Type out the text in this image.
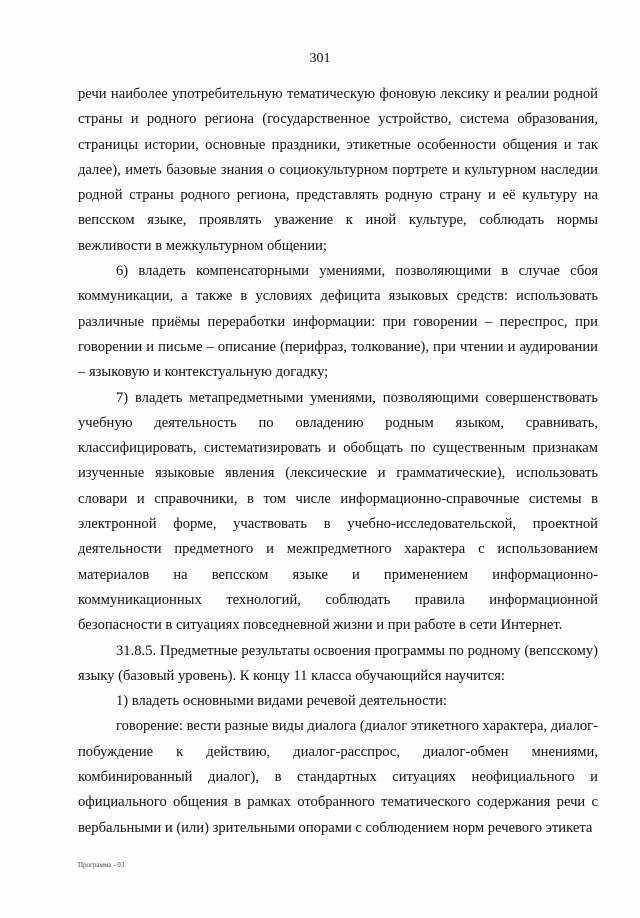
301

речи наиболее употребительную тематическую фоновую лексику и реалии родной страны и родного региона (государственное устройство, система образования, страницы истории, основные праздники, этикетные особенности общения и так далее), иметь базовые знания о социокультурном портрете и культурном наследии родной страны родного региона, представлять родную страну и её культуру на вепсском языке, проявлять уважение к иной культуре, соблюдать нормы вежливости в межкультурном общении;

6) владеть компенсаторными умениями, позволяющими в случае сбоя коммуникации, а также в условиях дефицита языковых средств: использовать различные приёмы переработки информации: при говорении – переспрос, при говорении и письме – описание (перифраз, толкование), при чтении и аудировании – языковую и контекстуальную догадку;

7) владеть метапредметными умениями, позволяющими совершенствовать учебную деятельность по овладению родным языком, сравнивать, классифицировать, систематизировать и обобщать по существенным признакам изученные языковые явления (лексические и грамматические), использовать словари и справочники, в том числе информационно-справочные системы в электронной форме, участвовать в учебно-исследовательской, проектной деятельности предметного и межпредметного характера с использованием материалов на вепсском языке и применением информационно-коммуникационных технологий, соблюдать правила информационной безопасности в ситуациях повседневной жизни и при работе в сети Интернет.

31.8.5. Предметные результаты освоения программы по родному (вепсскому) языку (базовый уровень). К концу 11 класса обучающийся научится:

1) владеть основными видами речевой деятельности:

говорение: вести разные виды диалога (диалог этикетного характера, диалог-побуждение к действию, диалог-расспрос, диалог-обмен мнениями, комбинированный диалог), в стандартных ситуациях неофициального и официального общения в рамках отобранного тематического содержания речи с вербальными и (или) зрительными опорами с соблюдением норм речевого этикета

Программа - 03
